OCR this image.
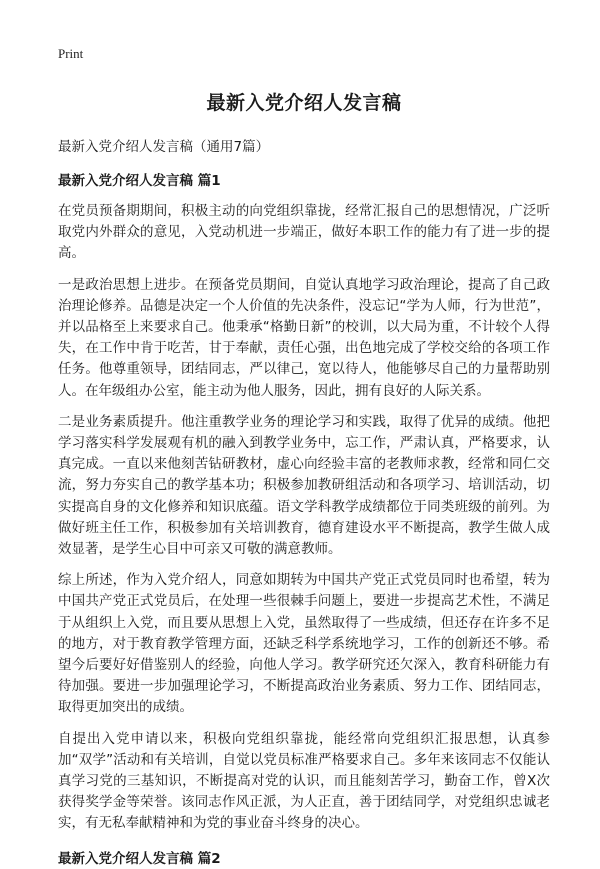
Print
最新入党介绍人发言稿

最新入党介绍人发言稿（通用7篇）

最新入党介绍人发言稿 篇1

在党员预备期期间，积极主动的向党组织靠拢，经常汇报自己的思想情况，广泛听取党内外群众的意见，入党动机进一步端正，做好本职工作的能力有了进一步的提高。

一是政治思想上进步。在预备党员期间，自觉认真地学习政治理论，提高了自己政治理论修养。品德是决定一个人价值的先决条件，没忘记“学为人师，行为世范”，并以品格至上来要求自己。他秉承“格勤日新”的校训，以大局为重，不计较个人得失，在工作中肯于吃苦，甘于奉献，责任心强，出色地完成了学校交给的各项工作任务。他尊重领导，团结同志，严以律己，宽以待人，他能够尽自己的力量帮助别人。在年级组办公室，能主动为他人服务，因此，拥有良好的人际关系。

二是业务素质提升。他注重教学业务的理论学习和实践，取得了优异的成绩。他把学习落实科学发展观有机的融入到教学业务中，忘工作，严肃认真，严格要求，认真完成。一直以来他刻苦钻研教材，虚心向经验丰富的老教师求教，经常和同仁交流，努力夯实自己的教学基本功；积极参加教研组活动和各项学习、培训活动，切实提高自身的文化修养和知识底蕴。语文学科教学成绩都位于同类班级的前列。为做好班主任工作，积极参加有关培训教育，德育建设水平不断提高，教学生做人成效显著，是学生心目中可亲又可敬的满意教师。

综上所述，作为入党介绍人，同意如期转为中国共产党正式党员同时也希望，转为中国共产党正式党员后，在处理一些很棘手问题上，要进一步提高艺术性，不满足于从组织上入党，而且要从思想上入党，虽然取得了一些成绩，但还存在许多不足的地方，对于教育教学管理方面，还缺乏科学系统地学习，工作的创新还不够。希望今后要好好借鉴别人的经验，向他人学习。教学研究还欠深入，教育科研能力有待加强。要进一步加强理论学习，不断提高政治业务素质、努力工作、团结同志，取得更加突出的成绩。

自提出入党申请以来，积极向党组织靠拢，能经常向党组织汇报思想，认真参加“双学”活动和有关培训，自觉以党员标准严格要求自己。多年来该同志不仅能认真学习党的三基知识，不断提高对党的认识，而且能刻苦学习，勤奋工作，曾X次获得奖学金等荣誉。该同志作风正派，为人正直，善于团结同学，对党组织忠诚老实，有无私奉献精神和为党的事业奋斗终身的决心。

最新入党介绍人发言稿 篇2
